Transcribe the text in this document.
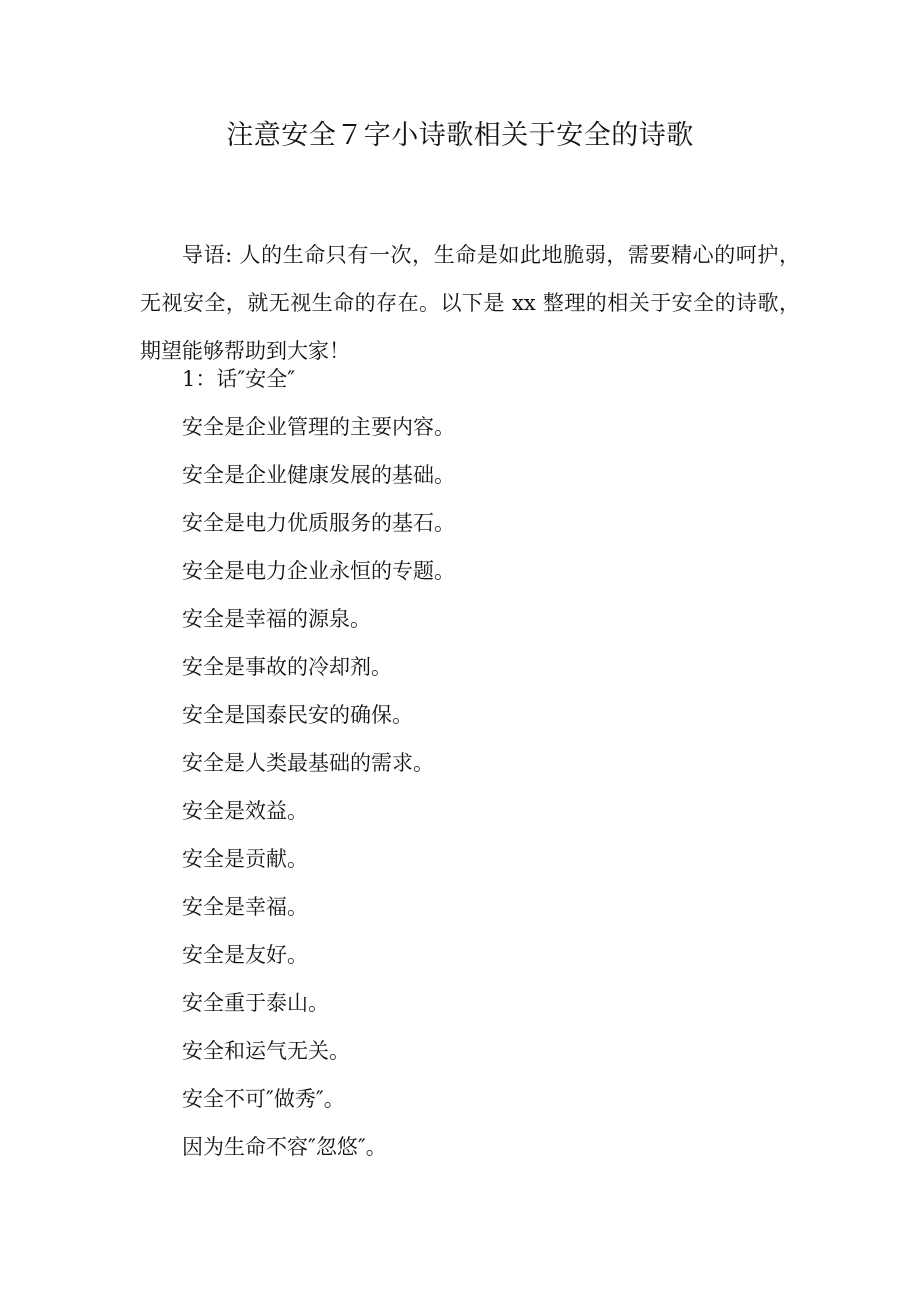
注意安全７字小诗歌相关于安全的诗歌

导语: 人的生命只有一次，生命是如此地脆弱，需要精心的呵护，无视安全，就无视生命的存在。以下是 xx 整理的相关于安全的诗歌，期望能够帮助到大家！

1：话″安全″
安全是企业管理的主要内容。
安全是企业健康发展的基础。
安全是电力优质服务的基石。
安全是电力企业永恒的专题。
安全是幸福的源泉。
安全是事故的冷却剂。
安全是国泰民安的确保。
安全是人类最基础的需求。
安全是效益。
安全是贡献。
安全是幸福。
安全是友好。
安全重于泰山。
安全和运气无关。
安全不可″做秀″。
因为生命不容″忽悠″。
